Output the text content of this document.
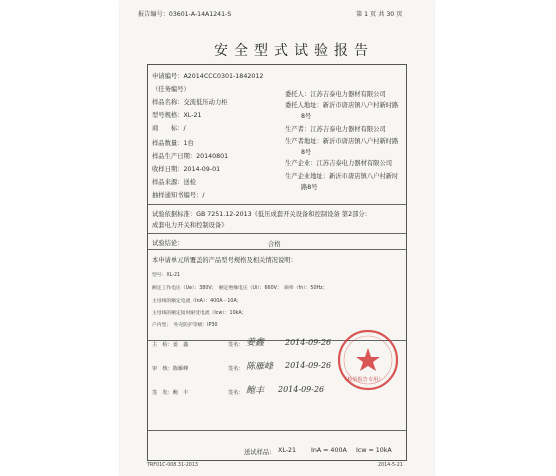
报告编号：03601-A-14A1241-S	第 1 页 共 30 页
安全型式试验报告
申请编号：A2014CCC0301-1842012
（任务编号）
样品名称：交流低压动力柜
型号规格：XL-21
商　　标：/
样品数量：1台
样品生产日期：20140801
收样日期：2014-09-01
样品来源：送检
抽样通知书编号：/
委托人：江苏吉泰电力器材有限公司
委托人地址：新沂市唐店镇八户村新时路
8号
生产者：江苏吉泰电力器材有限公司
生产者地址：新沂市唐店镇八户村新时路
8号
生产企业：江苏吉泰电力器材有限公司
生产企业地址：新沂市唐店镇八户村新时
路8号
试验依据标准：GB 7251.12-2013《低压成套开关设备和控制设备 第2部分：
成套电力开关和控制设备》
试验结论：	合格
本申请单元所覆盖的产品型号规格及相关情况说明：
型号：XL-21
额定工作电压（Ue）：380V；　额定绝缘电压（Ui）：660V；　频率（fn）：50Hz；
主母线的额定电流（InA）：400A－10A；
主母线的额定短时耐受电流（Icw）：10kA；
户内型；　外壳防护等级：IP30
主　检：姜　鑫	签名： 姜鑫	2014-09-26
审　核：陈雁峰	签名： 陈雁峰 2014-09-26
签　发：鲍　丰	签名： 鲍丰 2014-09-26
（检验报告专用）
送试样品： XL-21 InA = 400A Icw = 10kA
TRF01C-008.31-2013	2014-5-21
